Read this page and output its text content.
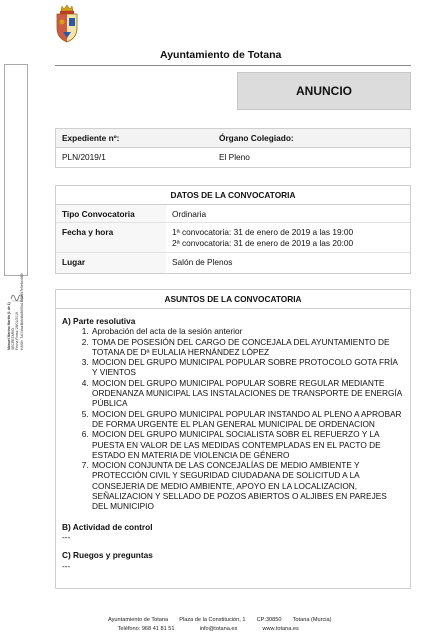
Ayuntamiento de Totana
Manuel Merino Martín (1 de 1) SECRETARIO Fecha Firma: 28/01/2019 HASH: 7a00dca4fab48c8695a1f886b97e5e6cc869
ANUNCIO
Expediente nº:	Órgano Colegiado:
PLN/2019/1	El Pleno
DATOS DE LA CONVOCATORIA
Tipo Convocatoria	Ordinaria
Fecha y hora	1ª convocatoria: 31 de enero de 2019 a las 19:00
2ª convocatoria: 31 de enero de 2019 a las 20:00
Lugar	Salón de Plenos
ASUNTOS DE LA CONVOCATORIA
A) Parte resolutiva
1. Aprobación del acta de la sesión anterior
2. TOMA DE POSESIÓN DEL CARGO DE CONCEJALA DEL AYUNTAMIENTO DE TOTANA DE Dª EULALIA HERNÁNDEZ LÓPEZ
3. MOCION DEL GRUPO MUNICIPAL POPULAR SOBRE PROTOCOLO GOTA FRÍA Y VIENTOS
4. MOCION DEL GRUPO MUNICIPAL POPULAR SOBRE REGULAR MEDIANTE ORDENANZA MUNICIPAL LAS INSTALACIONES DE TRANSPORTE DE ENERGÍA PÚBLICA
5. MOCION DEL GRUPO MUNICIPAL POPULAR INSTANDO AL PLENO A APROBAR DE FORMA URGENTE EL PLAN GENERAL MUNICIPAL DE ORDENACION
6. MOCION DEL GRUPO MUNICIPAL SOCIALISTA SOBR EL REFUERZO Y LA PUESTA EN VALOR DE LAS MEDIDAS CONTEMPLADAS EN EL PACTO DE ESTADO EN MATERIA DE VIOLENCIA DE GÉNERO
7. MOCION CONJUNTA DE LAS CONCEJALÍAS DE MEDIO AMBIENTE Y PROTECCIÓN CIVIL Y SEGURIDAD CIUDADANA DE SOLICITUD A LA CONSEJERIA DE MEDIO AMBIENTE, APOYO EN LA LOCALIZACION, SEÑALIZACION Y SELLADO DE POZOS ABIERTOS O ALJIBES EN PAREJES DEL MUNICIPIO
B) Actividad de control
---
C) Ruegos y preguntas
---
Ayuntamiento de Totana Plaza de la Constitución, 1 CP:30850 Totana (Murcia)
Teléfono: 968 41 81 51	info@totana.es	www.totana.es
